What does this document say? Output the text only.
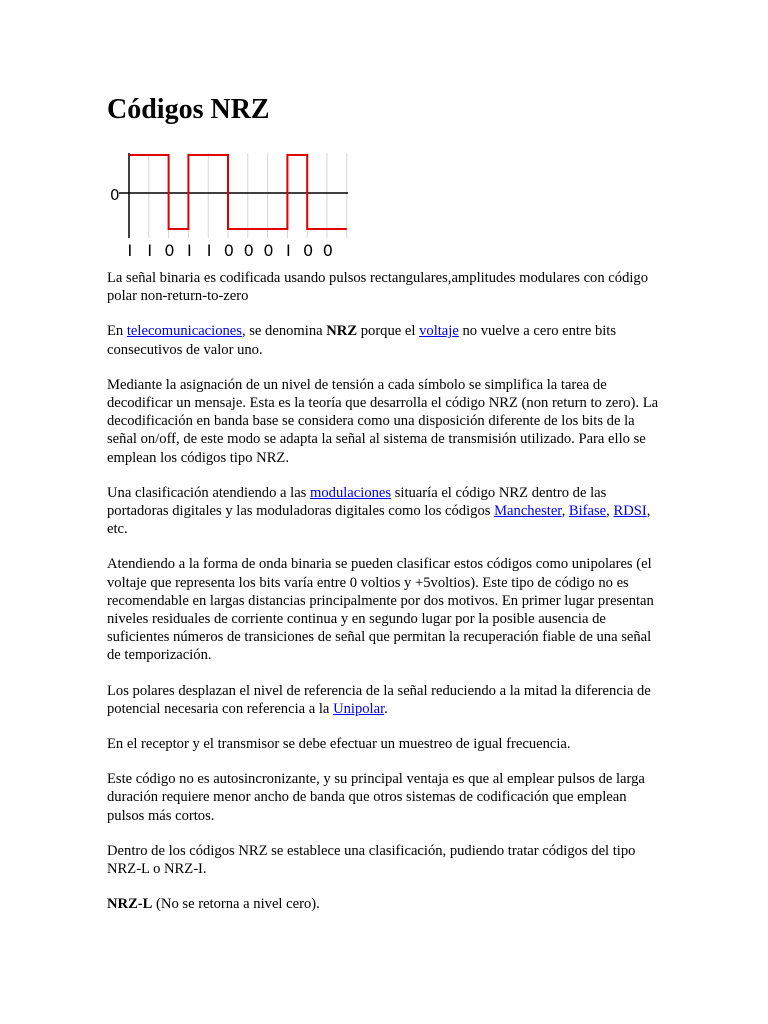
Códigos NRZ
0
I I 0 I I 0 0 0 I 0 0

La señal binaria es codificada usando pulsos rectangulares,amplitudes modulares con código polar non-return-to-zero

En telecomunicaciones, se denomina NRZ porque el voltaje no vuelve a cero entre bits consecutivos de valor uno.

Mediante la asignación de un nivel de tensión a cada símbolo se simplifica la tarea de decodificar un mensaje. Esta es la teoría que desarrolla el código NRZ (non return to zero). La decodificación en banda base se considera como una disposición diferente de los bits de la señal on/off, de este modo se adapta la señal al sistema de transmisión utilizado. Para ello se emplean los códigos tipo NRZ.

Una clasificación atendiendo a las modulaciones situaría el código NRZ dentro de las portadoras digitales y las moduladoras digitales como los códigos Manchester, Bifase, RDSI, etc.

Atendiendo a la forma de onda binaria se pueden clasificar estos códigos como unipolares (el voltaje que representa los bits varía entre 0 voltios y +5voltios). Este tipo de código no es recomendable en largas distancias principalmente por dos motivos. En primer lugar presentan niveles residuales de corriente continua y en segundo lugar por la posible ausencia de suficientes números de transiciones de señal que permitan la recuperación fiable de una señal de temporización.

Los polares desplazan el nivel de referencia de la señal reduciendo a la mitad la diferencia de potencial necesaria con referencia a la Unipolar.

En el receptor y el transmisor se debe efectuar un muestreo de igual frecuencia.

Este código no es autosincronizante, y su principal ventaja es que al emplear pulsos de larga duración requiere menor ancho de banda que otros sistemas de codificación que emplean pulsos más cortos.

Dentro de los códigos NRZ se establece una clasificación, pudiendo tratar códigos del tipo NRZ-L o NRZ-I.

NRZ-L (No se retorna a nivel cero).
